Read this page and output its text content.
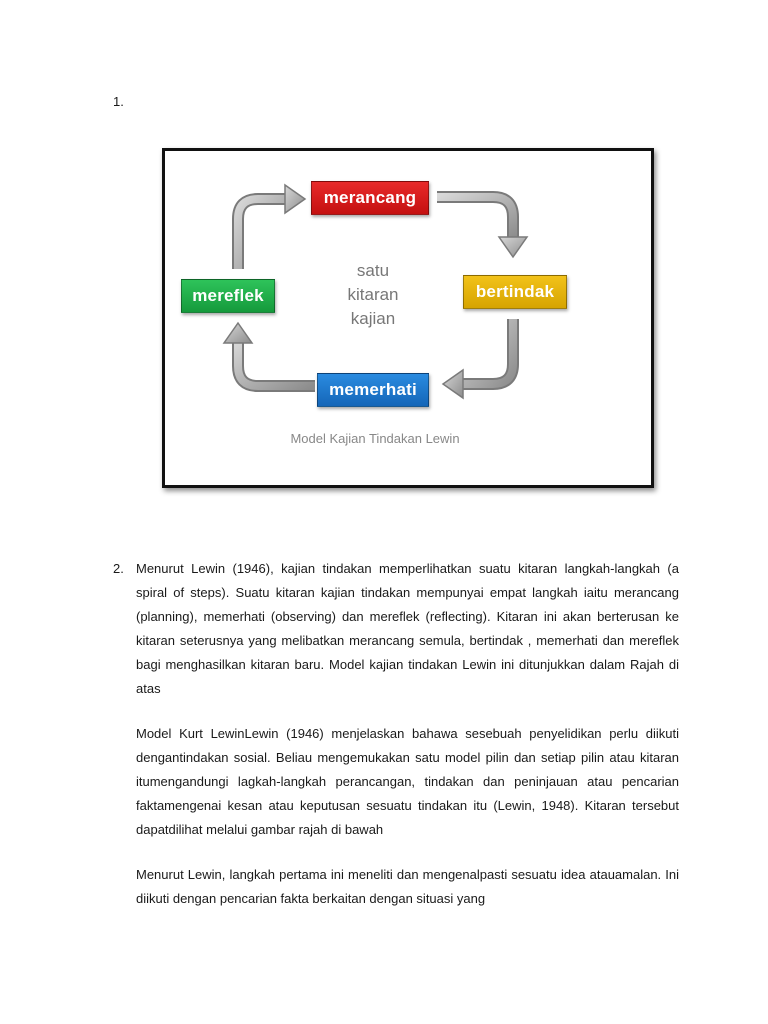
1.
merancang
bertindak
memerhati
mereflek
satu
kitaran
kajian
Model Kajian Tindakan Lewin
2. Menurut Lewin (1946), kajian tindakan memperlihatkan suatu kitaran langkah-langkah (a spiral of steps). Suatu kitaran kajian tindakan mempunyai empat langkah iaitu merancang (planning), memerhati (observing) dan mereflek (reflecting). Kitaran ini akan berterusan ke kitaran seterusnya yang melibatkan merancang semula, bertindak , memerhati dan mereflek bagi menghasilkan kitaran baru. Model kajian tindakan Lewin ini ditunjukkan dalam Rajah di atas

Model Kurt LewinLewin (1946) menjelaskan bahawa sesebuah penyelidikan perlu diikuti dengantindakan sosial. Beliau mengemukakan satu model pilin dan setiap pilin atau kitaran itumengandungi lagkah-langkah perancangan, tindakan dan peninjauan atau pencarian faktamengenai kesan atau keputusan sesuatu tindakan itu (Lewin, 1948). Kitaran tersebut dapatdilihat melalui gambar rajah di bawah

Menurut Lewin, langkah pertama ini meneliti dan mengenalpasti sesuatu idea atauamalan. Ini diikuti dengan pencarian fakta berkaitan dengan situasi yang
